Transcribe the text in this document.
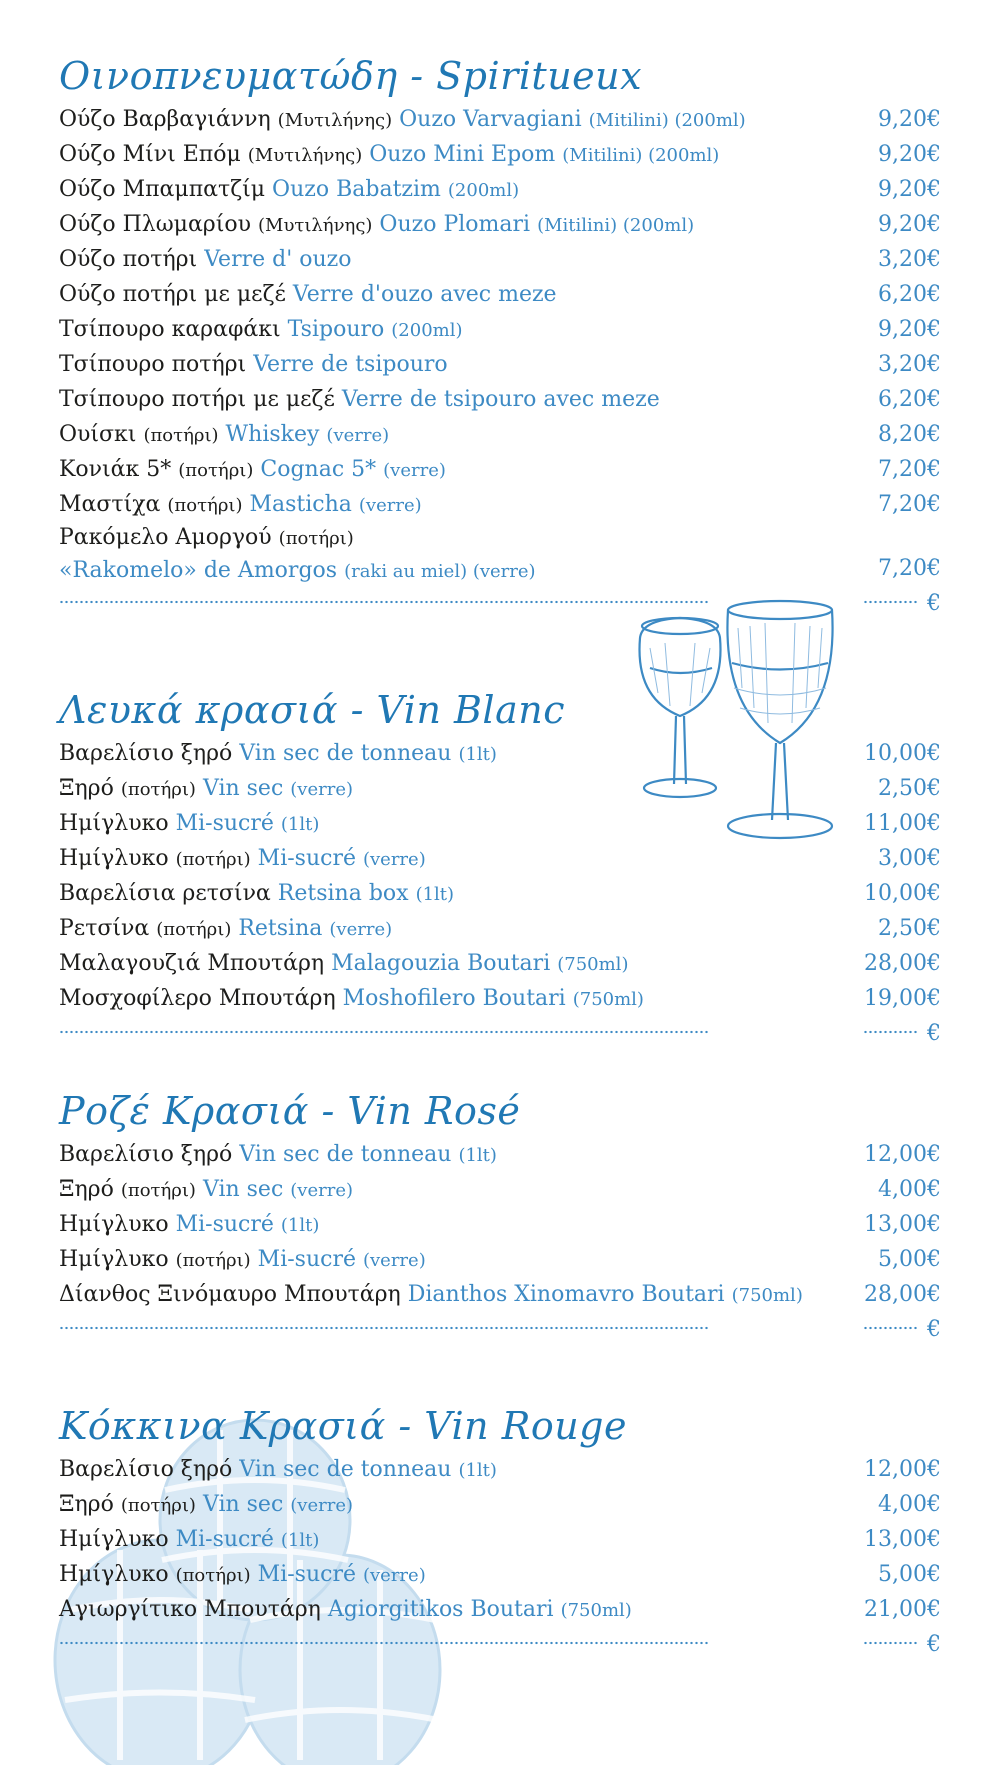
Οινοπνευματώδη - Spiritueux
Ούζο Βαρβαγιάννη (Μυτιλήνης) Ouzo Varvagiani (Mitilini) (200ml)	9,20€
Ούζο Μίνι Επόμ (Μυτιλήνης) Ouzo Mini Epom (Mitilini) (200ml)	9,20€
Ούζο Μπαμπατζίμ Ouzo Babatzim (200ml)	9,20€
Ούζο Πλωμαρίου (Μυτιλήνης) Ouzo Plomari (Mitilini) (200ml)	9,20€
Ούζο ποτήρι Verre d' ouzo	3,20€
Ούζο ποτήρι με μεζέ Verre d'ouzo avec meze	6,20€
Τσίπουρο καραφάκι Tsipouro (200ml)	9,20€
Τσίπουρο ποτήρι Verre de tsipouro	3,20€
Τσίπουρο ποτήρι με μεζέ Verre de tsipouro avec meze	6,20€
Ουίσκι (ποτήρι) Whiskey (verre)	8,20€
Κονιάκ 5* (ποτήρι) Cognac 5* (verre)	7,20€
Μαστίχα (ποτήρι) Masticha (verre)	7,20€
Ρακόμελο Αμοργού (ποτήρι)
«Rakomelo» de Amorgos (raki au miel) (verre)	7,20€
€
Λευκά κρασιά - Vin Blanc
Βαρελίσιο ξηρό Vin sec de tonneau (1lt)	10,00€
Ξηρό (ποτήρι) Vin sec (verre)	2,50€
Ημίγλυκο Mi-sucré (1lt)	11,00€
Ημίγλυκο (ποτήρι) Mi-sucré (verre)	3,00€
Βαρελίσια ρετσίνα Retsina box (1lt)	10,00€
Ρετσίνα (ποτήρι) Retsina (verre)	2,50€
Μαλαγουζιά Μπουτάρη Malagouzia Boutari (750ml)	28,00€
Μοσχοφίλερο Μπουτάρη Moshofilero Boutari (750ml)	19,00€
€
Ροζέ Κρασιά - Vin Rosé
Βαρελίσιο ξηρό Vin sec de tonneau (1lt)	12,00€
Ξηρό (ποτήρι) Vin sec (verre)	4,00€
Ημίγλυκο Mi-sucré (1lt)	13,00€
Ημίγλυκο (ποτήρι) Mi-sucré (verre)	5,00€
Δίανθος Ξινόμαυρο Μπουτάρη Dianthos Xinomavro Boutari (750ml)	28,00€
€
Κόκκινα Κρασιά - Vin Rouge
Βαρελίσιο ξηρό Vin sec de tonneau (1lt)	12,00€
Ξηρό (ποτήρι) Vin sec (verre)	4,00€
Ημίγλυκο Mi-sucré (1lt)	13,00€
Ημίγλυκο (ποτήρι) Mi-sucré (verre)	5,00€
Αγιωργίτικο Μπουτάρη Agiorgitikos Boutari (750ml)	21,00€
€
